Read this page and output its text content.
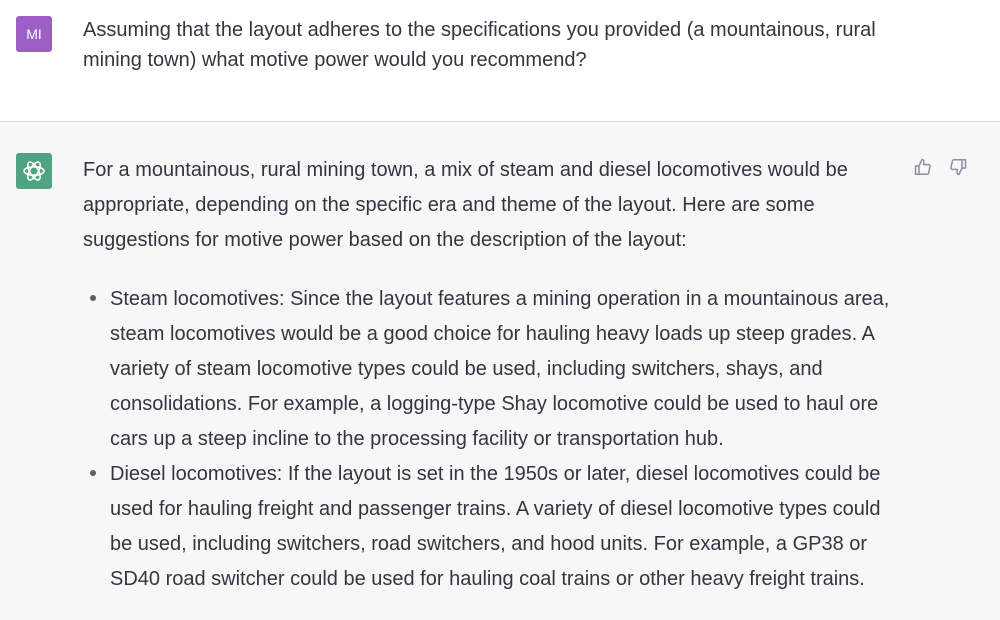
MI Assuming that the layout adheres to the specifications you provided (a mountainous, rural mining town) what motive power would you recommend?

For a mountainous, rural mining town, a mix of steam and diesel locomotives would be appropriate, depending on the specific era and theme of the layout. Here are some suggestions for motive power based on the description of the layout:

Steam locomotives: Since the layout features a mining operation in a mountainous area, steam locomotives would be a good choice for hauling heavy loads up steep grades. A variety of steam locomotive types could be used, including switchers, shays, and consolidations. For example, a logging-type Shay locomotive could be used to haul ore cars up a steep incline to the processing facility or transportation hub.
Diesel locomotives: If the layout is set in the 1950s or later, diesel locomotives could be used for hauling freight and passenger trains. A variety of diesel locomotive types could be used, including switchers, road switchers, and hood units. For example, a GP38 or SD40 road switcher could be used for hauling coal trains or other heavy freight trains.
